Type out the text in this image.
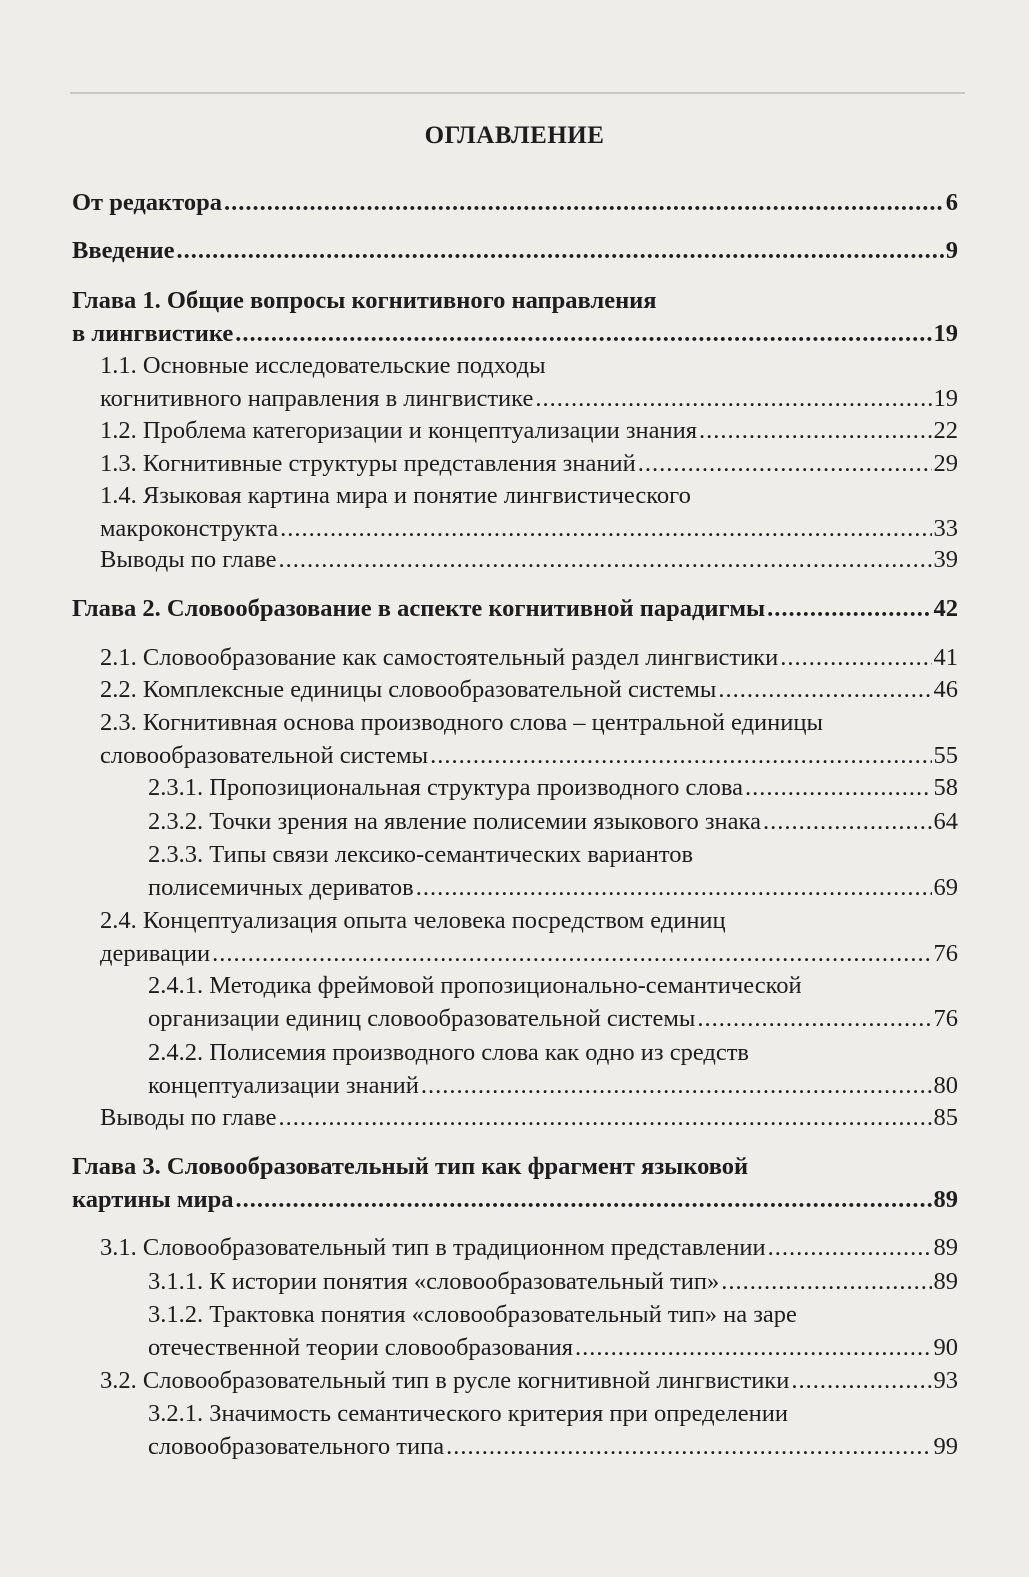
ОГЛАВЛЕНИЕ
От редактора .....	6
Введение .....	9
Глава 1. Общие вопросы когнитивного направления
в лингвистике .....	19
1.1. Основные исследовательские подходы
когнитивного направления в лингвистике .....	19
1.2. Проблема категоризации и концептуализации знания .....	22
1.3. Когнитивные структуры представления знаний .....	29
1.4. Языковая картина мира и понятие лингвистического
макроконструкта .....	33
Выводы по главе .....	39
Глава 2. Словообразование в аспекте когнитивной парадигмы .....	42
2.1. Словообразование как самостоятельный раздел лингвистики .....	41
2.2. Комплексные единицы словообразовательной системы .....	46
2.3. Когнитивная основа производного слова – центральной единицы
словообразовательной системы .....	55
2.3.1. Пропозициональная структура производного слова .....	58
2.3.2. Точки зрения на явление полисемии языкового знака .....	64
2.3.3. Типы связи лексико-семантических вариантов
полисемичных дериватов .....	69
2.4. Концептуализация опыта человека посредством единиц
деривации .....	76
2.4.1. Методика фреймовой пропозиционально-семантической
организации единиц словообразовательной системы .....	76
2.4.2. Полисемия производного слова как одно из средств
концептуализации знаний .....	80
Выводы по главе .....	85
Глава 3. Словообразовательный тип как фрагмент языковой
картины мира .....	89
3.1. Словообразовательный тип в традиционном представлении .....	89
3.1.1. К истории понятия «словообразовательный тип» .....	89
3.1.2. Трактовка понятия «словообразовательный тип» на заре
отечественной теории словообразования .....	90
3.2. Словообразовательный тип в русле когнитивной лингвистики .....	93
3.2.1. Значимость семантического критерия при определении
словообразовательного типа .....	99
